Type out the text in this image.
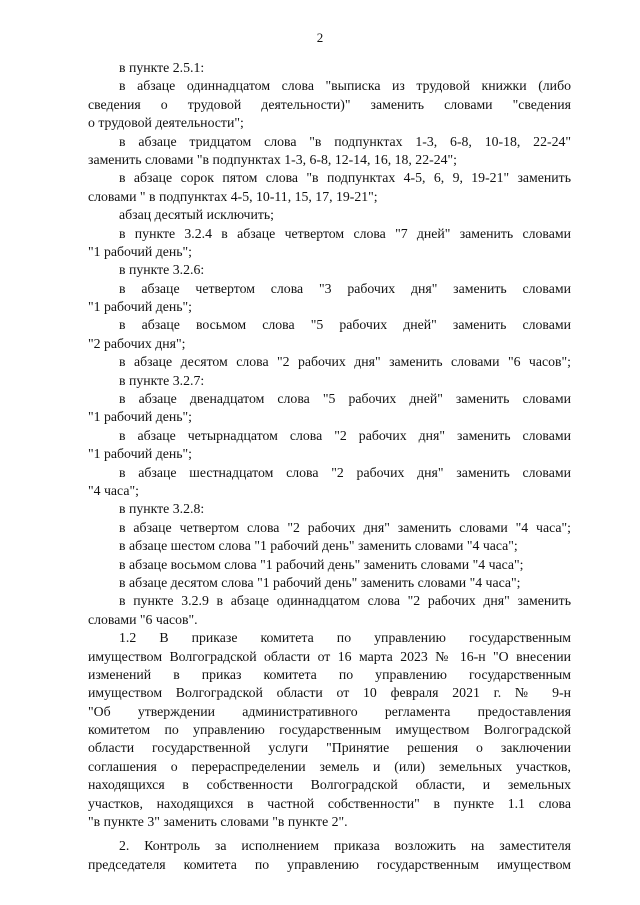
2
в пункте 2.5.1:
в абзаце одиннадцатом слова "выписка из трудовой книжки (либо
сведения о трудовой деятельности)" заменить словами "сведения
о трудовой деятельности";
в абзаце тридцатом слова "в подпунктах 1-3, 6-8, 10-18, 22-24"
заменить словами "в подпунктах 1-3, 6-8, 12-14, 16, 18, 22-24";
в абзаце сорок пятом слова "в подпунктах 4-5, 6, 9, 19-21" заменить
словами " в подпунктах 4-5, 10-11, 15, 17, 19-21";
абзац десятый исключить;
в пункте 3.2.4 в абзаце четвертом слова "7 дней" заменить словами
"1 рабочий день";
в пункте 3.2.6:
в абзаце четвертом слова "3 рабочих дня" заменить словами
"1 рабочий день";
в абзаце восьмом слова "5 рабочих дней" заменить словами
"2 рабочих дня";
в абзаце десятом слова "2 рабочих дня" заменить словами "6 часов";
в пункте 3.2.7:
в абзаце двенадцатом слова "5 рабочих дней" заменить словами
"1 рабочий день";
в абзаце четырнадцатом слова "2 рабочих дня" заменить словами
"1 рабочий день";
в абзаце шестнадцатом слова "2 рабочих дня" заменить словами
"4 часа";
в пункте 3.2.8:
в абзаце четвертом слова "2 рабочих дня" заменить словами "4 часа";
в абзаце шестом слова "1 рабочий день" заменить словами "4 часа";
в абзаце восьмом слова "1 рабочий день" заменить словами "4 часа";
в абзаце десятом слова "1 рабочий день" заменить словами "4 часа";
в пункте 3.2.9 в абзаце одиннадцатом слова "2 рабочих дня" заменить
словами "6 часов".
1.2 В приказе комитета по управлению государственным
имуществом Волгоградской области от 16 марта 2023 № 16-н "О внесении
изменений в приказ комитета по управлению государственным
имуществом Волгоградской области от 10 февраля 2021 г. № 9-н
"Об утверждении административного регламента предоставления
комитетом по управлению государственным имуществом Волгоградской
области государственной услуги "Принятие решения о заключении
соглашения о перераспределении земель и (или) земельных участков,
находящихся в собственности Волгоградской области, и земельных
участков, находящихся в частной собственности" в пункте 1.1 слова
"в пункте 3" заменить словами "в пункте 2".
2. Контроль за исполнением приказа возложить на заместителя
председателя комитета по управлению государственным имуществом
